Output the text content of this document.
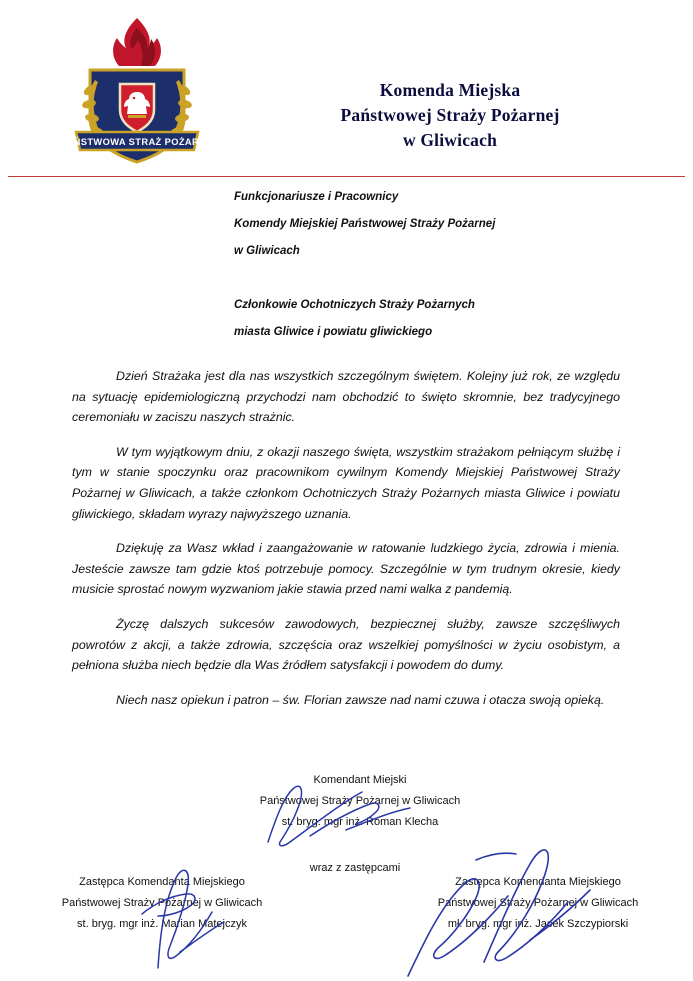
PAŃSTWOWA STRAŻ POŻARNA
Komenda Miejska
Państwowej Straży Pożarnej
w Gliwicach
Funkcjonariusze i Pracownicy
Komendy Miejskiej Państwowej Straży Pożarnej
w Gliwicach
Członkowie Ochotniczych Straży Pożarnych
miasta Gliwice i powiatu gliwickiego

Dzień Strażaka jest dla nas wszystkich szczególnym świętem. Kolejny już rok, ze względu na sytuację epidemiologiczną przychodzi nam obchodzić to święto skromnie, bez tradycyjnego ceremoniału w zaciszu naszych strażnic.

W tym wyjątkowym dniu, z okazji naszego święta, wszystkim strażakom pełniącym służbę i tym w stanie spoczynku oraz pracownikom cywilnym Komendy Miejskiej Państwowej Straży Pożarnej w Gliwicach, a także członkom Ochotniczych Straży Pożarnych miasta Gliwice i powiatu gliwickiego, składam wyrazy najwyższego uznania.

Dziękuję za Wasz wkład i zaangażowanie w ratowanie ludzkiego życia, zdrowia i mienia. Jesteście zawsze tam gdzie ktoś potrzebuje pomocy. Szczególnie w tym trudnym okresie, kiedy musicie sprostać nowym wyzwaniom jakie stawia przed nami walka z pandemią.

Życzę dalszych sukcesów zawodowych, bezpiecznej służby, zawsze szczęśliwych powrotów z akcji, a także zdrowia, szczęścia oraz wszelkiej pomyślności w życiu osobistym, a pełniona służba niech będzie dla Was źródłem satysfakcji i powodem do dumy.

Niech nasz opiekun i patron – św. Florian zawsze nad nami czuwa i otacza swoją opieką.

Komendant Miejski
Państwowej Straży Pożarnej w Gliwicach
st. bryg. mgr inż. Roman Klecha
wraz z zastępcami
Zastępca Komendanta Miejskiego
Państwowej Straży Pożarnej w Gliwicach
st. bryg. mgr inż. Marian Matejczyk
Zastępca Komendanta Miejskiego
Państwowej Straży Pożarnej w Gliwicach
mł. bryg. mgr inż. Jacek Szczypiorski
